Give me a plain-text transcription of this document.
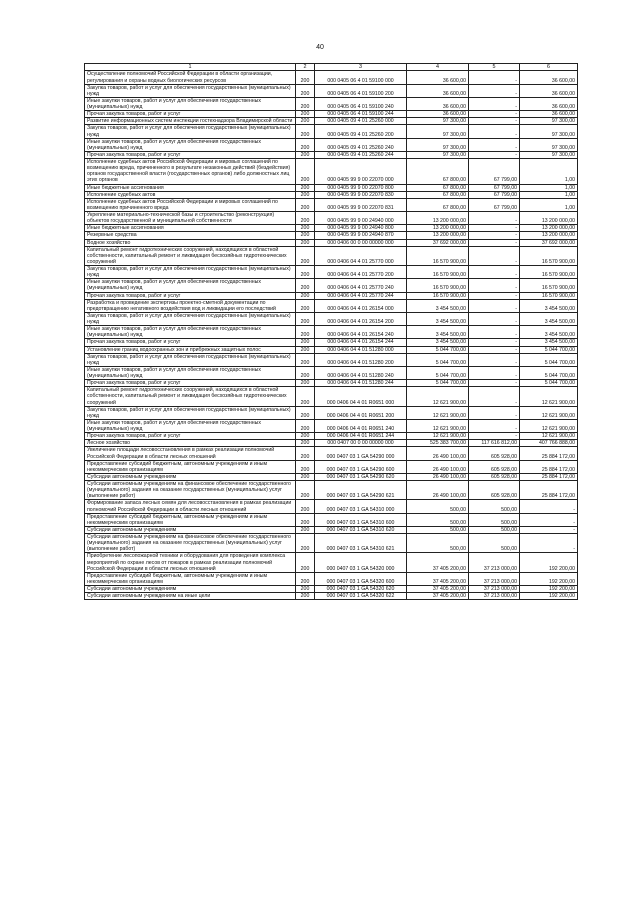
40
1	2	3	4	5	6
Осуществление полномочий Российской Федерации в области организации, регулирования и охраны водных биологических ресурсов	200	000 0405 06 4 01 59100 000	36 600,00	-	36 600,00
Закупка товаров, работ и услуг для обеспечения государственных (муниципальных) нужд	200	000 0405 06 4 01 59100 200	36 600,00	-	36 600,00
Иные закупки товаров, работ и услуг для обеспечения государственных (муниципальных) нужд	200	000 0405 06 4 01 59100 240	36 600,00	-	36 600,00
Прочая закупка товаров, работ и услуг	200	000 0405 06 4 01 59100 244	36 600,00	-	36 600,00
Развитие информационных систем инспекции гостехнадзора Владимирской области	200	000 0405 09 4 01 25260 000	97 300,00	-	97 300,00
Закупка товаров, работ и услуг для обеспечения государственных (муниципальных) нужд	200	000 0405 09 4 01 25260 200	97 300,00	-	97 300,00
Иные закупки товаров, работ и услуг для обеспечения государственных (муниципальных) нужд	200	000 0405 09 4 01 25260 240	97 300,00	-	97 300,00
Прочая закупка товаров, работ и услуг	200	000 0405 09 4 01 25260 244	97 300,00	-	97 300,00
Исполнение судебных актов Российской Федерации и мировых соглашений по возмещению вреда, причиненного в результате незаконных действий (бездействия) органов государственной власти (государственных органов) либо должностных лиц этих органов	200	000 0405 99 9 00 22070 000	67 800,00	67 799,00	1,00
Иные бюджетные ассигнования	200	000 0405 99 9 00 22070 800	67 800,00	67 799,00	1,00
Исполнение судебных актов	200	000 0405 99 9 00 22070 830	67 800,00	67 799,00	1,00
Исполнение судебных актов Российской Федерации и мировых соглашений по возмещению причиненного вреда	200	000 0405 99 9 00 22070 831	67 800,00	67 799,00	1,00
Укрепление материально-технической базы и строительство (реконструкция) объектов государственной и муниципальной собственности	200	000 0405 99 9 00 24940 000	13 200 000,00	-	13 200 000,00
Иные бюджетные ассигнования	200	000 0405 99 9 00 24940 800	13 200 000,00	-	13 200 000,00
Резервные средства	200	000 0405 99 9 00 24940 870	13 200 000,00	-	13 200 000,00
Водное хозяйство	200	000 0406 00 0 00 00000 000	37 692 000,00	-	37 692 000,00
Капитальный ремонт гидротехнических сооружений, находящихся в областной собственности, капитальный ремонт и ликвидация бесхозяйных гидротехнических сооружений	200	000 0406 04 4 01 25770 000	16 570 900,00	-	16 570 900,00
Закупка товаров, работ и услуг для обеспечения государственных (муниципальных) нужд	200	000 0406 04 4 01 25770 200	16 570 900,00	-	16 570 900,00
Иные закупки товаров, работ и услуг для обеспечения государственных (муниципальных) нужд	200	000 0406 04 4 01 25770 240	16 570 900,00	-	16 570 900,00
Прочая закупка товаров, работ и услуг	200	000 0406 04 4 01 25770 244	16 570 900,00	-	16 570 900,00
Разработка и проведение экспертизы проектно-сметной документации по предотвращению негативного воздействия вод и ликвидации его последствий	200	000 0406 04 4 01 26154 000	3 454 500,00	-	3 454 500,00
Закупка товаров, работ и услуг для обеспечения государственных (муниципальных) нужд	200	000 0406 04 4 01 26154 200	3 454 500,00	-	3 454 500,00
Иные закупки товаров, работ и услуг для обеспечения государственных (муниципальных) нужд	200	000 0406 04 4 01 26154 240	3 454 500,00	-	3 454 500,00
Прочая закупка товаров, работ и услуг	200	000 0406 04 4 01 26154 244	3 454 500,00	-	3 454 500,00
Установление границ водоохранных зон и прибрежных защитных полос	200	000 0406 04 4 01 51280 000	5 044 700,00	-	5 044 700,00
Закупка товаров, работ и услуг для обеспечения государственных (муниципальных) нужд	200	000 0406 04 4 01 51280 200	5 044 700,00	-	5 044 700,00
Иные закупки товаров, работ и услуг для обеспечения государственных (муниципальных) нужд	200	000 0406 04 4 01 51280 240	5 044 700,00	-	5 044 700,00
Прочая закупка товаров, работ и услуг	200	000 0406 04 4 01 51280 244	5 044 700,00	-	5 044 700,00
Капитальный ремонт гидротехнических сооружений, находящихся в областной собственности, капитальный ремонт и ликвидация бесхозяйных гидротехнических сооружений	200	000 0406 04 4 01 R0651 000	12 621 900,00	-	12 621 900,00
Закупка товаров, работ и услуг для обеспечения государственных (муниципальных) нужд	200	000 0406 04 4 01 R0651 200	12 621 900,00	-	12 621 900,00
Иные закупки товаров, работ и услуг для обеспечения государственных (муниципальных) нужд	200	000 0406 04 4 01 R0651 240	12 621 900,00	-	12 621 900,00
Прочая закупка товаров, работ и услуг	200	000 0406 04 4 01 R0651 244	12 621 900,00	-	12 621 900,00
Лесное хозяйство	200	000 0407 00 0 00 00000 000	525 383 700,00	117 616 812,00	407 766 888,00
Увеличение площади лесовосстановления в рамках реализации полномочий Российской Федерации в области лесных отношений	200	000 0407 03 1 GA 54290 000	26 490 100,00	605 928,00	25 884 172,00
Предоставление субсидий бюджетным, автономным учреждениям и иным некоммерческим организациям	200	000 0407 03 1 GA 54290 600	26 490 100,00	605 928,00	25 884 172,00
Субсидии автономным учреждениям	200	000 0407 03 1 GA 54290 620	26 490 100,00	605 928,00	25 884 172,00
Субсидии автономным учреждениям на финансовое обеспечение государственного (муниципального) задания на оказание государственных (муниципальных) услуг (выполнение работ)	200	000 0407 03 1 GA 54290 621	26 490 100,00	605 928,00	25 884 172,00
Формирование запаса лесных семян для лесовосстановления в рамках реализации полномочий Российской Федерации в области лесных отношений	200	000 0407 03 1 GA 54310 000	500,00	500,00	-
Предоставление субсидий бюджетным, автономным учреждениям и иным некоммерческим организациям	200	000 0407 03 1 GA 54310 600	500,00	500,00	-
Субсидии автономным учреждениям	200	000 0407 03 1 GA 54310 620	500,00	500,00	-
Субсидии автономным учреждениям на финансовое обеспечение государственного (муниципального) задания на оказание государственных (муниципальных) услуг (выполнение работ)	200	000 0407 03 1 GA 54310 621	500,00	500,00	-
Приобретение лесопожарной техники и оборудования для проведения комплекса мероприятий по охране лесов от пожаров в рамках реализации полномочий Российской Федерации в области лесных отношений	200	000 0407 03 1 GA 54320 000	37 405 200,00	37 213 000,00	192 200,00
Предоставление субсидий бюджетным, автономным учреждениям и иным некоммерческим организациям	200	000 0407 03 1 GA 54320 600	37 405 200,00	37 213 000,00	192 200,00
Субсидии автономным учреждениям	200	000 0407 03 1 GA 54320 620	37 405 200,00	37 213 000,00	192 200,00
Субсидии автономным учреждениям на иные цели	200	000 0407 03 1 GA 54320 622	37 405 200,00	37 213 000,00	192 200,00
